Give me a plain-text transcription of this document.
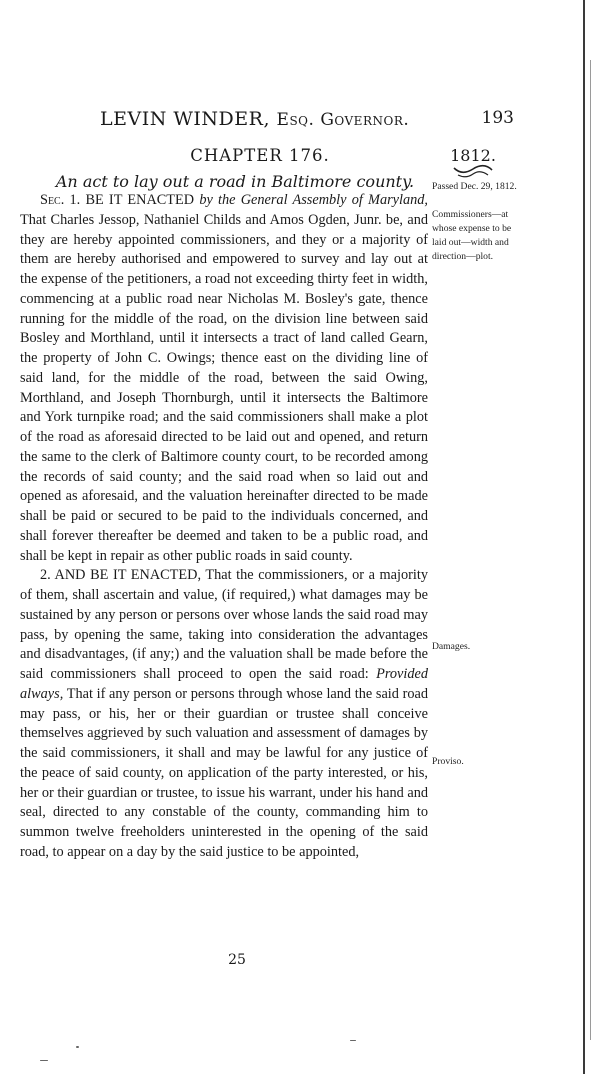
LEVIN WINDER, Esq. Governor.	193
CHAPTER 176.	1812.
An act to lay out a road in Baltimore county.

Sec. 1. BE IT ENACTED by the General Assembly of Maryland, That Charles Jessop, Nathaniel Childs and Amos Ogden, Junr. be, and they are hereby appointed commissioners, and they or a majority of them are hereby authorised and empowered to survey and lay out at the expense of the petitioners, a road not exceeding thirty feet in width, commencing at a public road near Nicholas M. Bosley's gate, thence running for the middle of the road, on the division line between said Bosley and Morthland, until it intersects a tract of land called Gearn, the property of John C. Owings; thence east on the dividing line of said land, for the middle of the road, between the said Owing, Morthland, and Joseph Thornburgh, until it intersects the Baltimore and York turnpike road; and the said commissioners shall make a plot of the road as aforesaid directed to be laid out and opened, and return the same to the clerk of Baltimore county court, to be recorded among the records of said county; and the said road when so laid out and opened as aforesaid, and the valuation hereinafter directed to be made shall be paid or secured to be paid to the individuals concerned, and shall forever thereafter be deemed and taken to be a public road, and shall be kept in repair as other public roads in said county.

2. AND BE IT ENACTED, That the commissioners, or a majority of them, shall ascertain and value, (if required,) what damages may be sustained by any person or persons over whose lands the said road may pass, by opening the same, taking into consideration the advantages and disadvantages, (if any;) and the valuation shall be made before the said commissioners shall proceed to open the said road: Provided always, That if any person or persons through whose land the said road may pass, or his, her or their guardian or trustee shall conceive themselves aggrieved by such valuation and assessment of damages by the said commissioners, it shall and may be lawful for any justice of the peace of said county, on application of the party interested, or his, her or their guardian or trustee, to issue his warrant, under his hand and seal, directed to any constable of the county, commanding him to summon twelve freeholders uninterested in the opening of the said road, to appear on a day by the said justice to be appointed,

Passed Dec. 29, 1812.
Commissioners—at whose expense to be laid out—width and direction—plot.
Damages.
Proviso.
25
